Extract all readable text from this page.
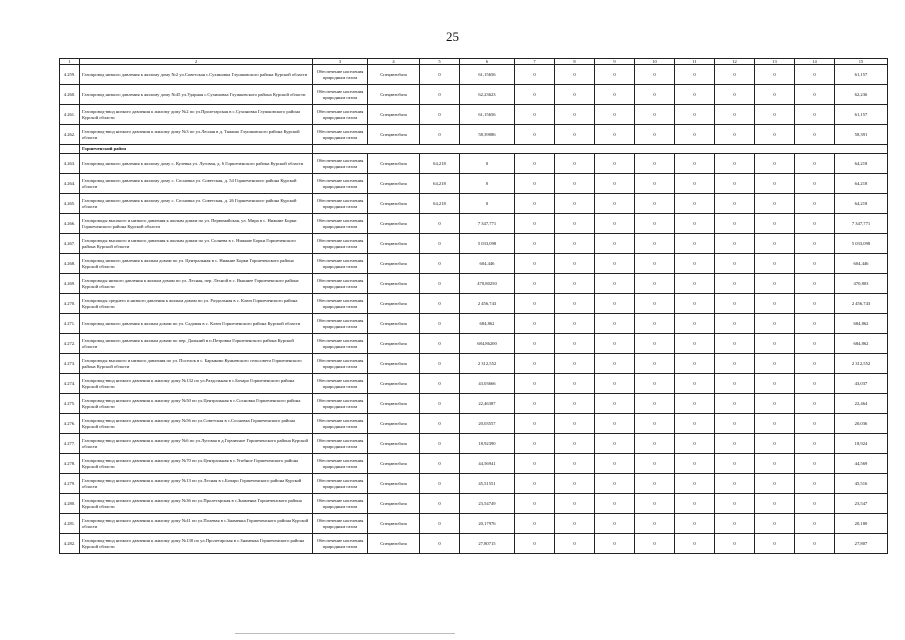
25
1	2	3	4	5	6	7	8	9	10	11	12	13	14	15
4.259.	Газопровод низкого давления к жилому дому №2 ул.Советская с.Сухиновка Глушковского района Курской области	Обеспечение населения природным газом	Спецавтобаза	0	61,15656	0	0	0	0	0	0	0	0	61,157
4.260.	Газопровод низкого давления к жилому дому №45 ул.Ударная с.Сухиновка Глушковского района Курской области	Обеспечение населения природным газом	Спецавтобаза	0	62,23623	0	0	0	0	0	0	0	0	62,236
4.261.	Газопровод-ввод низкого давления к жилому дому №2 по ул.Пролетарская в с.Сухиновка Глушковского района Курской области	Обеспечение населения природным газом	Спецавтобаза	0	61,15656	0	0	0	0	0	0	0	0	61,157
4.262.	Газопровод-ввод низкого давления к жилому дому №3 по ул.Лесная в д. Тяжино Глушковского района Курской области	Обеспечение населения природным газом	Спецавтобаза	0	58,39086	0	0	0	0	0	0	0	0	58,391
	Горшеченский район													
4.263.	Газопровод низкого давления к жилому дому с. Кулевка ул. Луговая, д. 6 Горшеченского района Курской области	Обеспечение населения природным газом	Спецавтобаза	64,218	0	0	0	0	0	0	0	0	0	64,218
4.264.	Газопровод низкого давления к жилому дому с. Сосновка ул. Советская, д. 54 Горшеченского района Курской области	Обеспечение населения природным газом	Спецавтобаза	64,218	0	0	0	0	0	0	0	0	0	64,218
4.265.	Газопровод низкого давления к жилому дому с. Сосновка ул. Советская, д. 26 Горшеченского района Курской области	Обеспечение населения природным газом	Спецавтобаза	64,218	0	0	0	0	0	0	0	0	0	64,218
4.266.	Газопроводы высокого и низкого давления к жилым домам по ул. Первомайская, ул. Мира в с. Нижние Борки Горшеченского района Курской области	Обеспечение населения природным газом	Спецавтобаза	0	7 347,771	0	0	0	0	0	0	0	0	7 347,771
4.267.	Газопроводы высокого и низкого давления к жилым домам по ул. Солнева в с. Нижние Борки Горшеченского района Курской области	Обеспечение населения природным газом	Спецавтобаза	0	5 033,098	0	0	0	0	0	0	0	0	5 033,098
4.268.	Газопровод низкого давления к жилым домам по ул. Центральная в с. Нижние Борки Горшеченского района Курской области	Обеспечение населения природным газом	Спецавтобаза	0	604,446	0	0	0	0	0	0	0	0	604,446
4.269.	Газопроводы низкого давления к жилым домам по ул. Лесная, пер. Лесной в с. Вышнее Горшеченского района Курской области	Обеспечение населения природным газом	Спецавтобаза	0	470,80250	0	0	0	0	0	0	0	0	470,803
4.270.	Газопроводы среднего и низкого давления к жилым домам по ул. Раздольная в с. Ключ Горшеченского района Курской области	Обеспечение населения природным газом	Спецавтобаза	0	2 456,743	0	0	0	0	0	0	0	0	2 456,743
4.271.	Газопровод низкого давления к жилым домам по ул. Садовая в с. Ключ Горшеченского района Курской области	Обеспечение населения природным газом	Спецавтобаза	0	684,862	0	0	0	0	0	0	0	0	684,862
4.272.	Газопровод низкого давления к жилым домам по пер. Дальний в п.Петровка Горшеченского района Курской области	Обеспечение населения природным газом	Спецавтобаза	0	684,86200	0	0	0	0	0	0	0	0	684,862
4.273.	Газопроводы высокого и низкого давления по ул. Поселок в с. Барыково Куньевского сельсовета Горшеченского района Курской области	Обеспечение населения природным газом	Спецавтобаза	0	2 312,552	0	0	0	0	0	0	0	0	2 312,552
4.274.	Газопровод-ввод низкого давления к жилому дому №132 по ул.Раздольная в с.Бочаро Горшеченского района Курской области	Обеспечение населения природным газом	Спецавтобаза	0	43,03666	0	0	0	0	0	0	0	0	43,037
4.275.	Газопровод-ввод низкого давления к жилому дому №50 по ул.Центральная в с.Сосновка Горшеченского района Курской области	Обеспечение населения природным газом	Спецавтобаза	0	22,46387	0	0	0	0	0	0	0	0	22,464
4.276.	Газопровод-ввод низкого давления к жилому дому №56 по ул.Советская в с.Сосновка Горшеченского района Курской области	Обеспечение населения природным газом	Спецавтобаза	0	20,03557	0	0	0	0	0	0	0	0	20,036
4.277.	Газопровод-ввод низкого давления к жилому дому №6 по ул.Луговая в д.Горчичное Горшеченского района Курской области	Обеспечение населения природным газом	Спецавтобаза	0	18,92390	0	0	0	0	0	0	0	0	18,924
4.278.	Газопровод-ввод низкого давления к жилому дому №70 по ул.Центральная в с.Угибное Горшеченского района Курской области	Обеспечение населения природным газом	Спецавтобаза	0	44,56941	0	0	0	0	0	0	0	0	44,569
4.279.	Газопровод-ввод низкого давления к жилому дому №13 по ул.Лесная в с.Бочаро Горшеченского района Курской области	Обеспечение населения природным газом	Спецавтобаза	0	45,51551	0	0	0	0	0	0	0	0	45,516
4.280.	Газопровод-ввод низкого давления к жилому дому №36 по ул.Пролетарская в с.Знаменка Горшеченского района Курской области	Обеспечение населения природным газом	Спецавтобаза	0	23,54749	0	0	0	0	0	0	0	0	23,547
4.281.	Газопровод-ввод низкого давления к жилому дому №41 по ул.Полевая в с.Знаменка Горшеченского района Курской области	Обеспечение населения природным газом	Спецавтобаза	0	20,17976	0	0	0	0	0	0	0	0	20,180
4.282.	Газопровод-ввод низкого давления к жилому дому №130 по ул.Пролетарская в с.Знаменка Горшеченского района Курской области	Обеспечение населения природным газом	Спецавтобаза	0	27,80715	0	0	0	0	0	0	0	0	27,807
